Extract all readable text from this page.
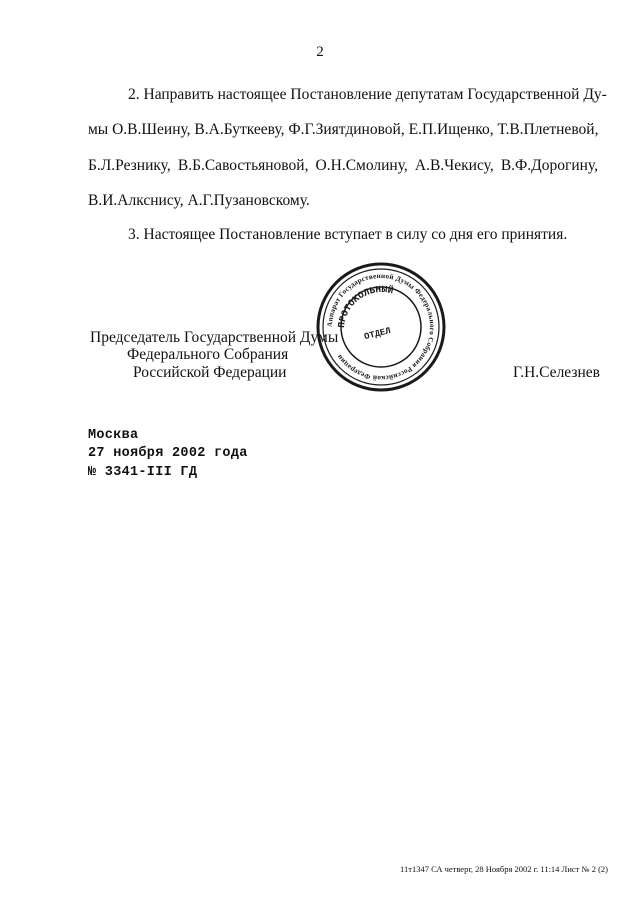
2
2. Направить настоящее Постановление депутатам Государственной Ду-
мы О.В.Шеину, В.А.Буткееву, Ф.Г.Зиятдиновой, Е.П.Ищенко, Т.В.Плетневой,
Б.Л.Резнику, В.Б.Савостьяновой, О.Н.Смолину, А.В.Чекису, В.Ф.Дорогину,
В.И.Алкснису, А.Г.Пузановскому.
3. Настоящее Постановление вступает в силу со дня его принятия.
Председатель Государственной Думы
Федерального Собрания
Российской Федерации	Г.Н.Селезнев
Аппарат Государственной Думы Федерального Собрания Российской Федерации
ПРОТОКОЛЬНЫЙ
ОТДЕЛ
Москва
27 ноября 2002 года
№ 3341-III ГД
11т1347 СА четверг, 28 Ноября 2002 г. 11:14 Лист № 2 (2)
